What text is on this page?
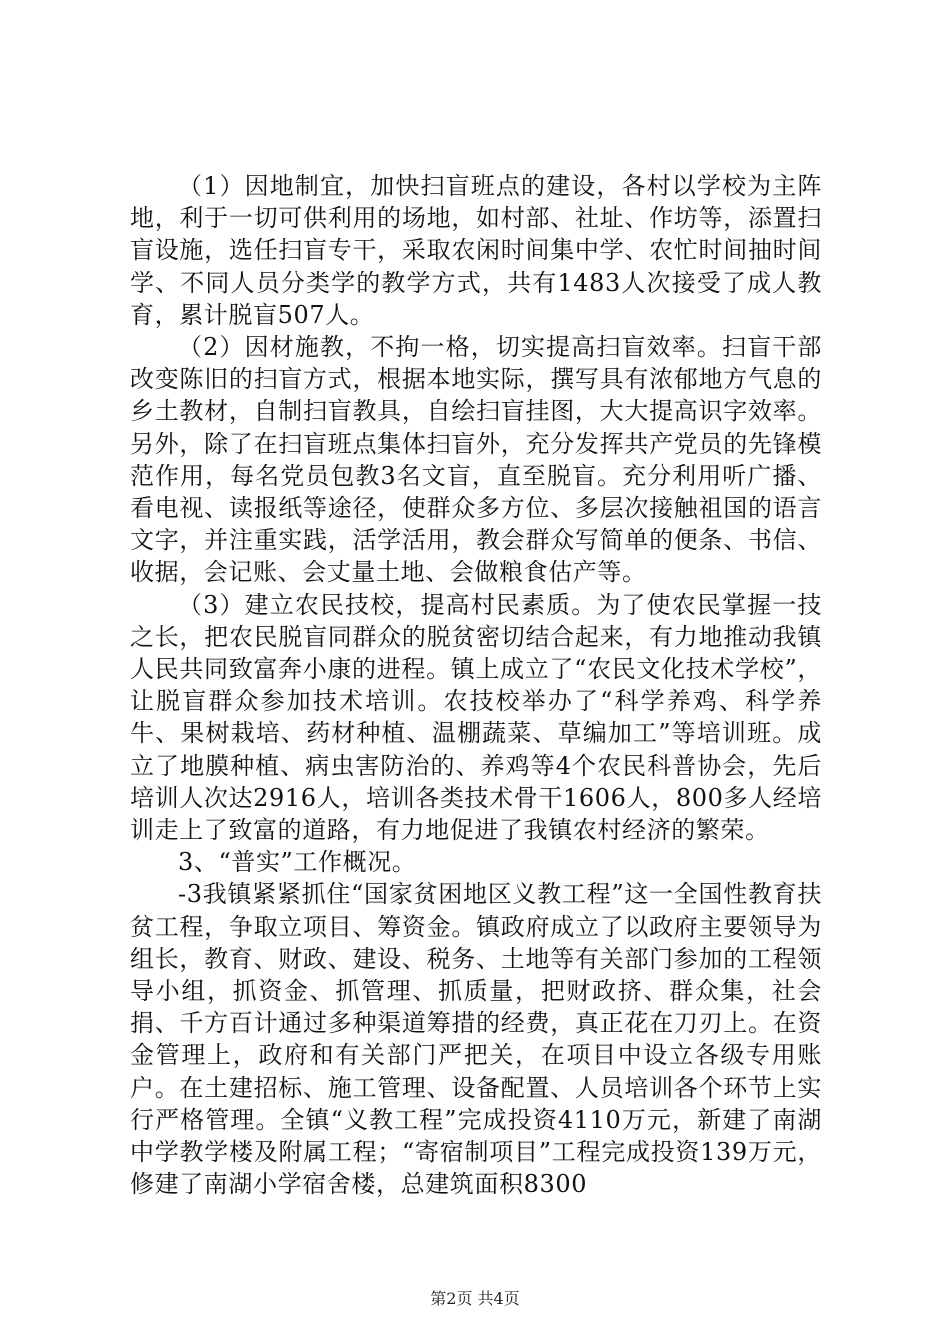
（1）因地制宜，加快扫盲班点的建设，各村以学校为主阵地，利于一切可供利用的场地，如村部、社址、作坊等，添置扫盲设施，选任扫盲专干，采取农闲时间集中学、农忙时间抽时间学、不同人员分类学的教学方式，共有1483人次接受了成人教育，累计脱盲507人。

（2）因材施教，不拘一格，切实提高扫盲效率。扫盲干部改变陈旧的扫盲方式，根据本地实际，撰写具有浓郁地方气息的乡土教材，自制扫盲教具，自绘扫盲挂图，大大提高识字效率。另外，除了在扫盲班点集体扫盲外，充分发挥共产党员的先锋模范作用，每名党员包教3名文盲，直至脱盲。充分利用听广播、看电视、读报纸等途径，使群众多方位、多层次接触祖国的语言文字，并注重实践，活学活用，教会群众写简单的便条、书信、收据，会记账、会丈量土地、会做粮食估产等。

（3）建立农民技校，提高村民素质。为了使农民掌握一技之长，把农民脱盲同群众的脱贫密切结合起来，有力地推动我镇人民共同致富奔小康的进程。镇上成立了“农民文化技术学校”，让脱盲群众参加技术培训。农技校举办了“科学养鸡、科学养牛、果树栽培、药材种植、温棚蔬菜、草编加工”等培训班。成立了地膜种植、病虫害防治的、养鸡等4个农民科普协会，先后培训人次达2916人，培训各类技术骨干1606人，800多人经培训走上了致富的道路，有力地促进了我镇农村经济的繁荣。

3、“普实”工作概况。

-3我镇紧紧抓住“国家贫困地区义教工程”这一全国性教育扶贫工程，争取立项目、筹资金。镇政府成立了以政府主要领导为组长，教育、财政、建设、税务、土地等有关部门参加的工程领导小组，抓资金、抓管理、抓质量，把财政挤、群众集，社会捐、千方百计通过多种渠道筹措的经费，真正花在刀刃上。在资金管理上，政府和有关部门严把关，在项目中设立各级专用账户。在土建招标、施工管理、设备配置、人员培训各个环节上实行严格管理。全镇“义教工程”完成投资4110万元，新建了南湖中学教学楼及附属工程；“寄宿制项目”工程完成投资139万元，修建了南湖小学宿舍楼，总建筑面积8300

第2页 共4页
